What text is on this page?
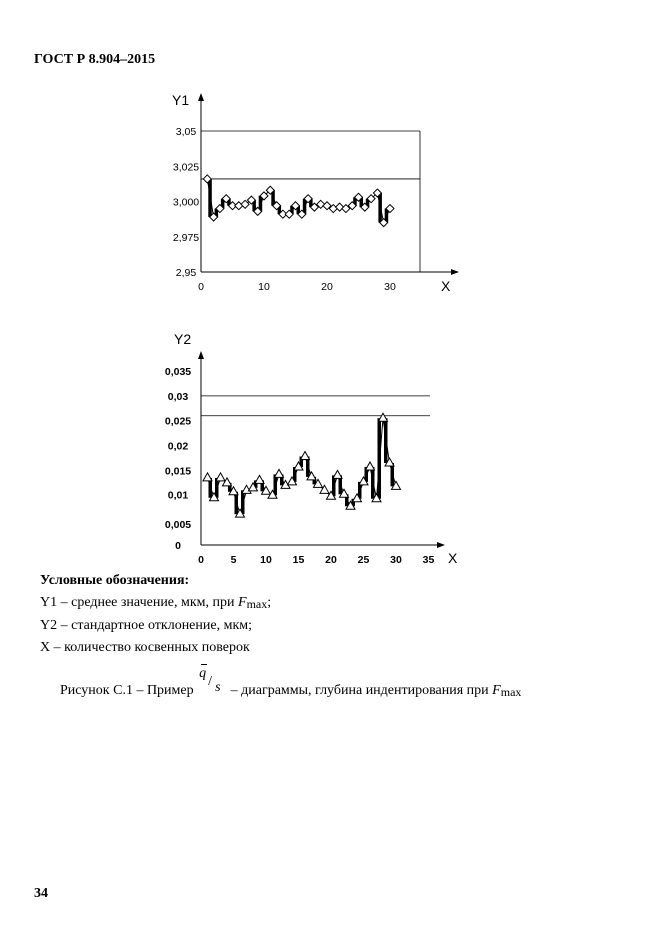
ГОСТ Р 8.904–2015
Y1
X
2,95
2,975
3,000
3,025
3,05
0	10	20	30
Y2
X
0
0,005
0,01
0,015
0,02
0,025
0,03
0,035
0	5 10 15 20 25 30 35
Условные обозначения:
Y1 – среднее значение, мкм, при $F_{max}$;
Y2 – стандартное отклонение, мкм;
X – количество косвенных поверок
Рисунок С.1 – Пример
q
/ s – диаграммы, глубина индентирования при $F_{max}$
34
